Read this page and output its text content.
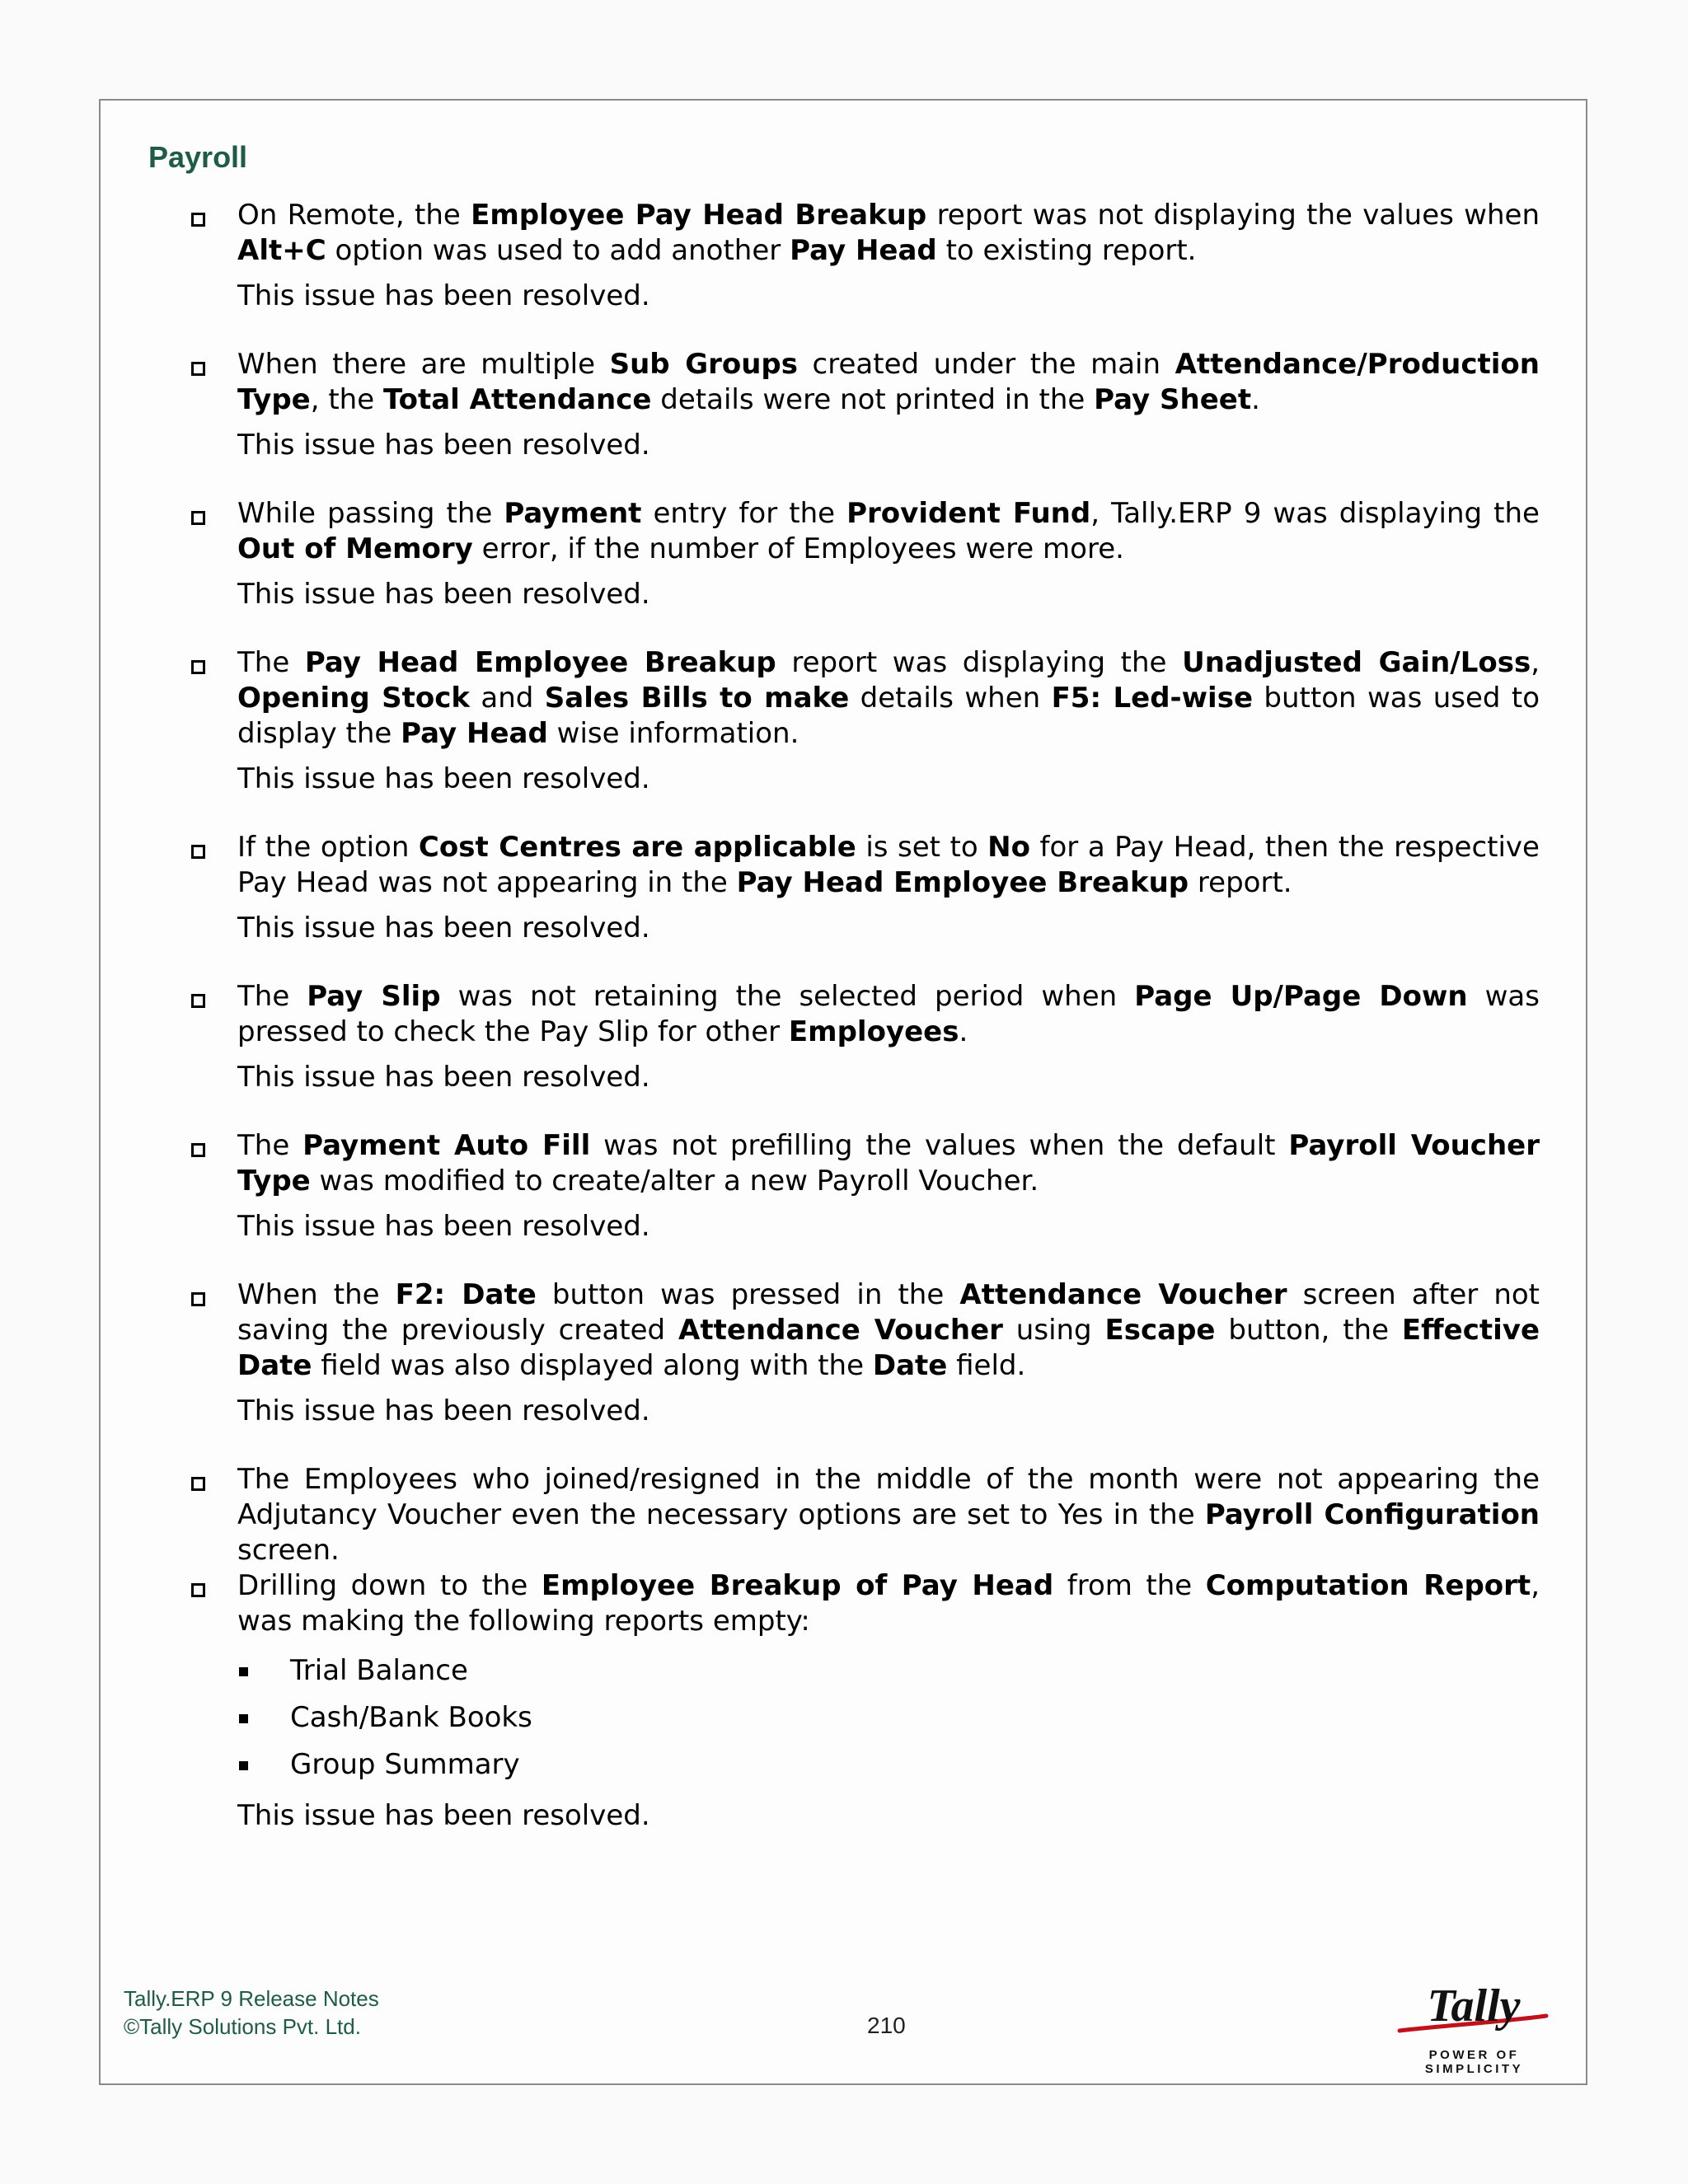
Payroll

On Remote, the Employee Pay Head Breakup report was not displaying the values when Alt+C option was used to add another Pay Head to existing report.

This issue has been resolved.

When there are multiple Sub Groups created under the main Attendance/Production Type, the Total Attendance details were not printed in the Pay Sheet.

This issue has been resolved.

While passing the Payment entry for the Provident Fund, Tally.ERP 9 was displaying the Out of Memory error, if the number of Employees were more.

This issue has been resolved.

The Pay Head Employee Breakup report was displaying the Unadjusted Gain/Loss, Opening Stock and Sales Bills to make details when F5: Led-wise button was used to display the Pay Head wise information.

This issue has been resolved.

If the option Cost Centres are applicable is set to No for a Pay Head, then the respective Pay Head was not appearing in the Pay Head Employee Breakup report.

This issue has been resolved.

The Pay Slip was not retaining the selected period when Page Up/Page Down was pressed to check the Pay Slip for other Employees.

This issue has been resolved.

The Payment Auto Fill was not prefilling the values when the default Payroll Voucher Type was modified to create/alter a new Payroll Voucher.

This issue has been resolved.

When the F2: Date button was pressed in the Attendance Voucher screen after not saving the previously created Attendance Voucher using Escape button, the Effective Date field was also displayed along with the Date field.

This issue has been resolved.

The Employees who joined/resigned in the middle of the month were not appearing the Adjutancy Voucher even the necessary options are set to Yes in the Payroll Configuration screen.

Drilling down to the Employee Breakup of Pay Head from the Computation Report, was making the following reports empty:

Trial Balance
Cash/Bank Books
Group Summary

This issue has been resolved.

Tally.ERP 9 Release Notes
©Tally Solutions Pvt. Ltd.	210	Tally
POWER OF SIMPLICITY
